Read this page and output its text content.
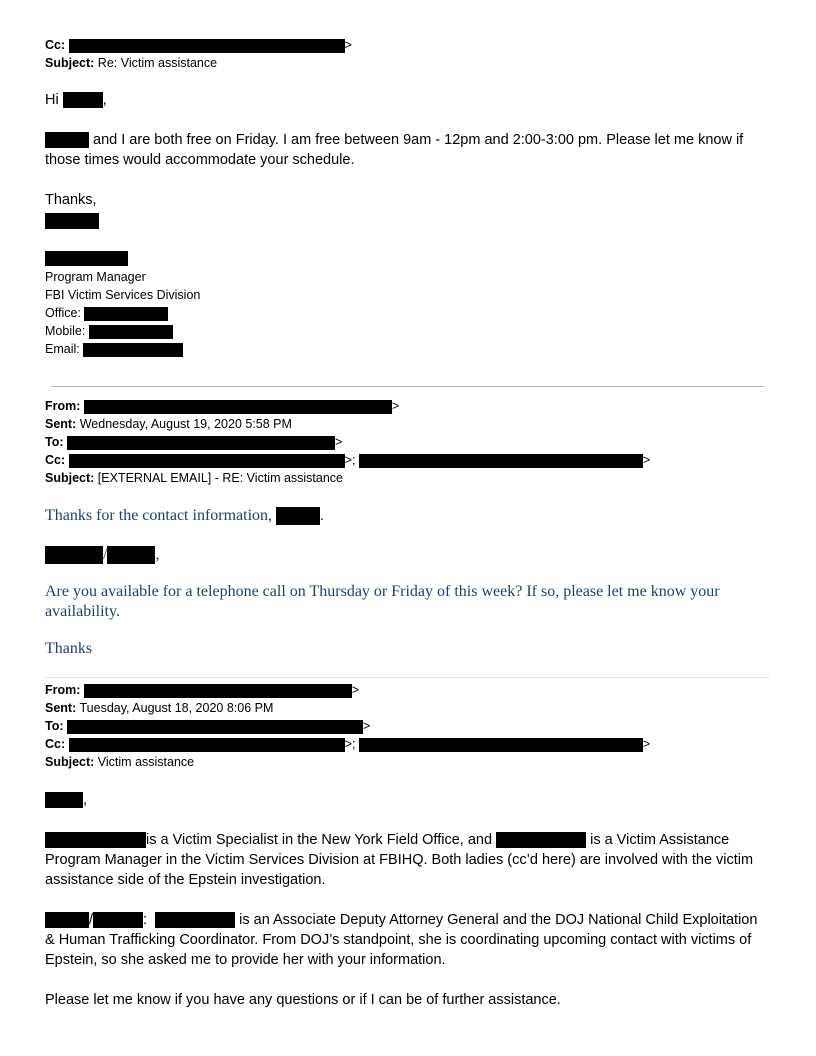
Cc:	>
Subject: Re: Victim assistance
Hi	,
and I are both free on Friday. I am free between 9am - 12pm and 2:00-3:00 pm. Please let me know if
those times would accommodate your schedule.
Thanks,
Program Manager
FBI Victim Services Division
Office:
Mobile:
Email:
From:	>
Sent: Wednesday, August 19, 2020 5:58 PM
To:	>
Cc:	>;	>
Subject: [EXTERNAL EMAIL] - RE: Victim assistance
Thanks for the contact information,	.
/	,
Are you available for a telephone call on Thursday or Friday of this week? If so, please let me know your
availability.
Thanks
From:	>
Sent: Tuesday, August 18, 2020 8:06 PM
To:	>
Cc:	>;	>
Subject: Victim assistance
,
is a Victim Specialist in the New York Field Office, and	is a Victim Assistance
Program Manager in the Victim Services Division at FBIHQ. Both ladies (cc’d here) are involved with the victim
assistance side of the Epstein investigation.
/	:	is an Associate Deputy Attorney General and the DOJ National Child Exploitation
& Human Trafficking Coordinator. From DOJ’s standpoint, she is coordinating upcoming contact with victims of
Epstein, so she asked me to provide her with your information.
Please let me know if you have any questions or if I can be of further assistance.
